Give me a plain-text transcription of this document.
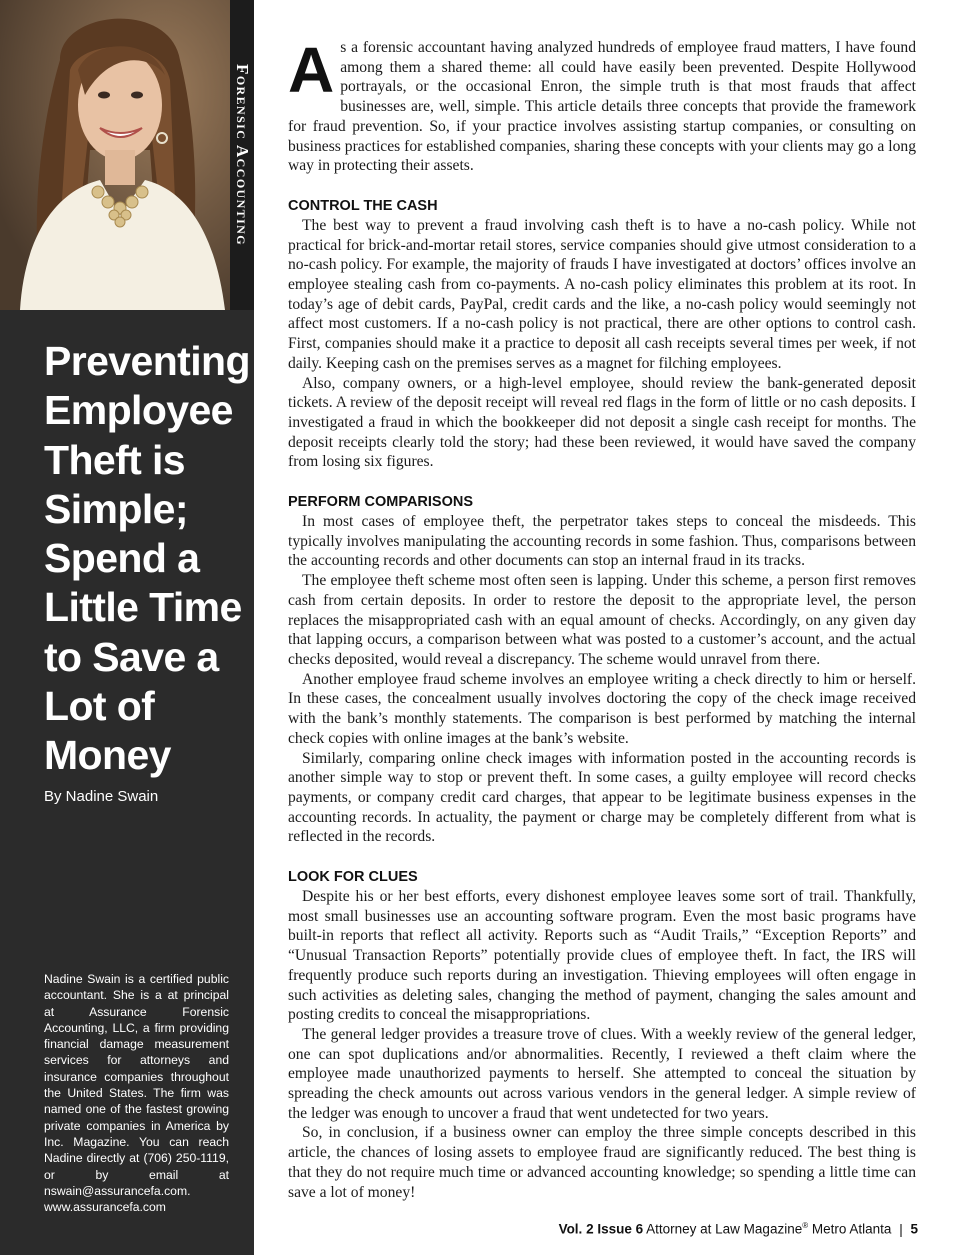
Forensic Accounting
Preventing Employee Theft is Simple; Spend a Little Time to Save a Lot of Money
By Nadine Swain
Nadine Swain is a certified public accountant. She is a at principal at Assurance Forensic Accounting, LLC, a firm providing financial damage measurement services for attorneys and insurance companies throughout the United States. The firm was named one of the fastest growing private companies in America by Inc. Magazine. You can reach Nadine directly at (706) 250-1119, or by email at nswain@assurancefa.com. www.assurancefa.com

As a forensic accountant having analyzed hundreds of employee fraud matters, I have found among them a shared theme: all could have easily been prevented. Despite Hollywood portrayals, or the occasional Enron, the simple truth is that most frauds that affect businesses are, well, simple. This article details three concepts that provide the framework for fraud prevention. So, if your practice involves assisting startup companies, or consulting on business practices for established companies, sharing these concepts with your clients may go a long way in protecting their assets.

CONTROL THE CASH

The best way to prevent a fraud involving cash theft is to have a no-cash policy. While not practical for brick-and-mortar retail stores, service companies should give utmost consideration to a no-cash policy. For example, the majority of frauds I have investigated at doctors’ offices involve an employee stealing cash from co-payments. A no-cash policy eliminates this problem at its root. In today’s age of debit cards, PayPal, credit cards and the like, a no-cash policy would seemingly not affect most customers. If a no-cash policy is not practical, there are other options to control cash. First, companies should make it a practice to deposit all cash receipts several times per week, if not daily. Keeping cash on the premises serves as a magnet for filching employees.

Also, company owners, or a high-level employee, should review the bank-generated deposit tickets. A review of the deposit receipt will reveal red flags in the form of little or no cash deposits. I investigated a fraud in which the bookkeeper did not deposit a single cash receipt for months. The deposit receipts clearly told the story; had these been reviewed, it would have saved the company from losing six figures.

PERFORM COMPARISONS

In most cases of employee theft, the perpetrator takes steps to conceal the misdeeds. This typically involves manipulating the accounting records in some fashion. Thus, comparisons between the accounting records and other documents can stop an internal fraud in its tracks.

The employee theft scheme most often seen is lapping. Under this scheme, a person first removes cash from certain deposits. In order to restore the deposit to the appropriate level, the person replaces the misappropriated cash with an equal amount of checks. Accordingly, on any given day that lapping occurs, a comparison between what was posted to a customer’s account, and the actual checks deposited, would reveal a discrepancy. The scheme would unravel from there.

Another employee fraud scheme involves an employee writing a check directly to him or herself. In these cases, the concealment usually involves doctoring the copy of the check image received with the bank’s monthly statements. The comparison is best performed by matching the internal check copies with online images at the bank’s website.

Similarly, comparing online check images with information posted in the accounting records is another simple way to stop or prevent theft. In some cases, a guilty employee will record checks payments, or company credit card charges, that appear to be legitimate business expenses in the accounting records. In actuality, the payment or charge may be completely different from what is reflected in the records.

LOOK FOR CLUES

Despite his or her best efforts, every dishonest employee leaves some sort of trail. Thankfully, most small businesses use an accounting software program. Even the most basic programs have built-in reports that reflect all activity. Reports such as “Audit Trails,” “Exception Reports” and “Unusual Transaction Reports” potentially provide clues of employee theft. In fact, the IRS will frequently produce such reports during an investigation. Thieving employees will often engage in such activities as deleting sales, changing the method of payment, changing the sales amount and posting credits to conceal the misappropriations.

The general ledger provides a treasure trove of clues. With a weekly review of the general ledger, one can spot duplications and/or abnormalities. Recently, I reviewed a theft claim where the employee made unauthorized payments to herself. She attempted to conceal the situation by spreading the check amounts out across various vendors in the general ledger. A simple review of the ledger was enough to uncover a fraud that went undetected for two years.

So, in conclusion, if a business owner can employ the three simple concepts described in this article, the chances of losing assets to employee fraud are significantly reduced. The best thing is that they do not require much time or advanced accounting knowledge; so spending a little time can save a lot of money!

Vol. 2 Issue 6 Attorney at Law Magazine® Metro Atlanta | 5
